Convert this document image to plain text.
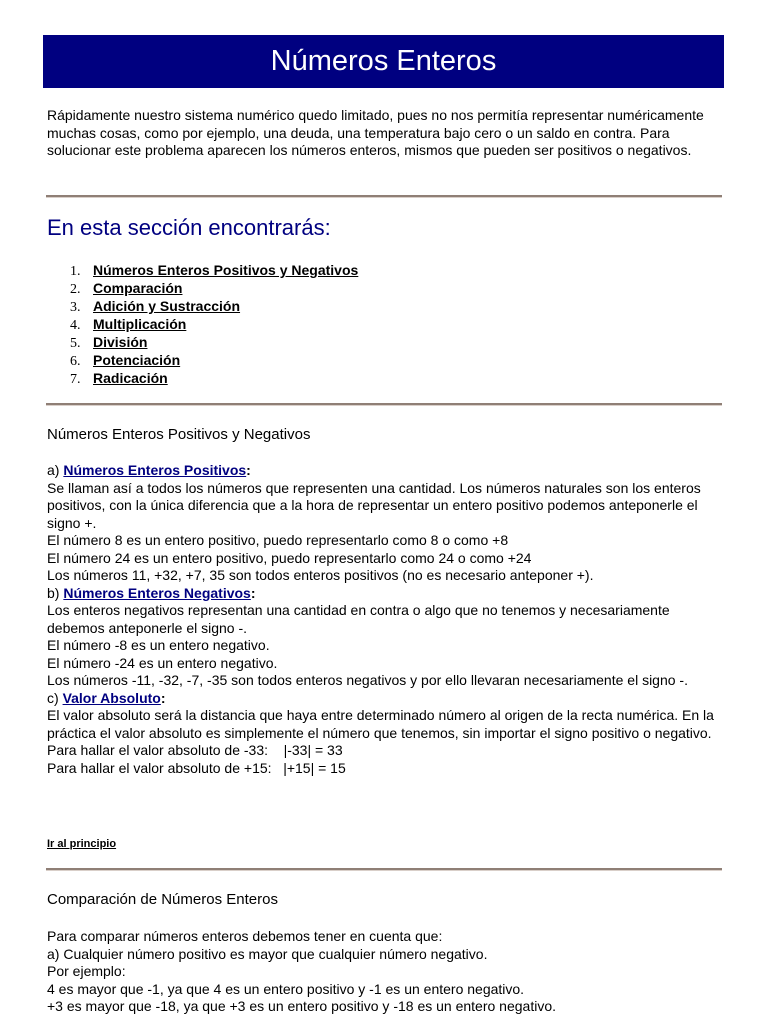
Números Enteros

Rápidamente nuestro sistema numérico quedo limitado, pues no nos permitía representar numéricamente muchas cosas, como por ejemplo, una deuda, una temperatura bajo cero o un saldo en contra. Para solucionar este problema aparecen los números enteros, mismos que pueden ser positivos o negativos.

En esta sección encontrarás:
1. Números Enteros Positivos y Negativos
2. Comparación
3. Adición y Sustracción
4. Multiplicación
5. División
6. Potenciación
7. Radicación
Números Enteros Positivos y Negativos

a) Números Enteros Positivos:

Se llaman así a todos los números que representen una cantidad. Los números naturales son los enteros positivos, con la única diferencia que a la hora de representar un entero positivo podemos anteponerle el signo +.

El número 8 es un entero positivo, puedo representarlo como 8 o como +8

El número 24 es un entero positivo, puedo representarlo como 24 o como +24

Los números 11, +32, +7, 35 son todos enteros positivos (no es necesario anteponer +).

b) Números Enteros Negativos:

Los enteros negativos representan una cantidad en contra o algo que no tenemos y necesariamente debemos anteponerle el signo -.

El número -8 es un entero negativo.

El número -24 es un entero negativo.

Los números -11, -32, -7, -35 son todos enteros negativos y por ello llevaran necesariamente el signo -.

c) Valor Absoluto:

El valor absoluto será la distancia que haya entre determinado número al origen de la recta numérica. En la práctica el valor absoluto es simplemente el número que tenemos, sin importar el signo positivo o negativo.

Para hallar el valor absoluto de -33:    |-33| = 33

Para hallar el valor absoluto de +15:   |+15| = 15

Ir al principio
Comparación de Números Enteros

Para comparar números enteros debemos tener en cuenta que:

a) Cualquier número positivo es mayor que cualquier número negativo.

Por ejemplo:

4 es mayor que -1, ya que 4 es un entero positivo y -1 es un entero negativo.

+3 es mayor que -18, ya que +3 es un entero positivo y -18 es un entero negativo.
